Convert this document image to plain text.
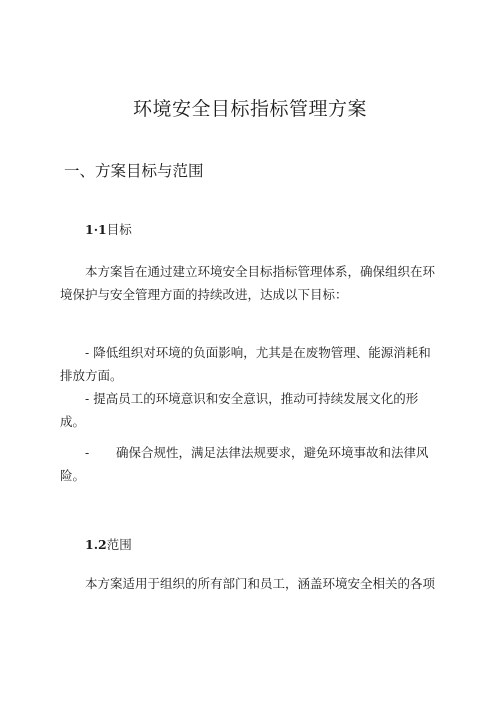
环境安全目标指标管理方案
一、方案目标与范围
1·1目标

本方案旨在通过建立环境安全目标指标管理体系，确保组织在环
境保护与安全管理方面的持续改进，达成以下目标：

- 降低组织对环境的负面影响，尤其是在废物管理、能源消耗和
排放方面。

- 提高员工的环境意识和安全意识，推动可持续发展文化的形
成。

- 确保合规性，满足法律法规要求，避免环境事故和法律风
险。

1.2范围

本方案适用于组织的所有部门和员工，涵盖环境安全相关的各项
